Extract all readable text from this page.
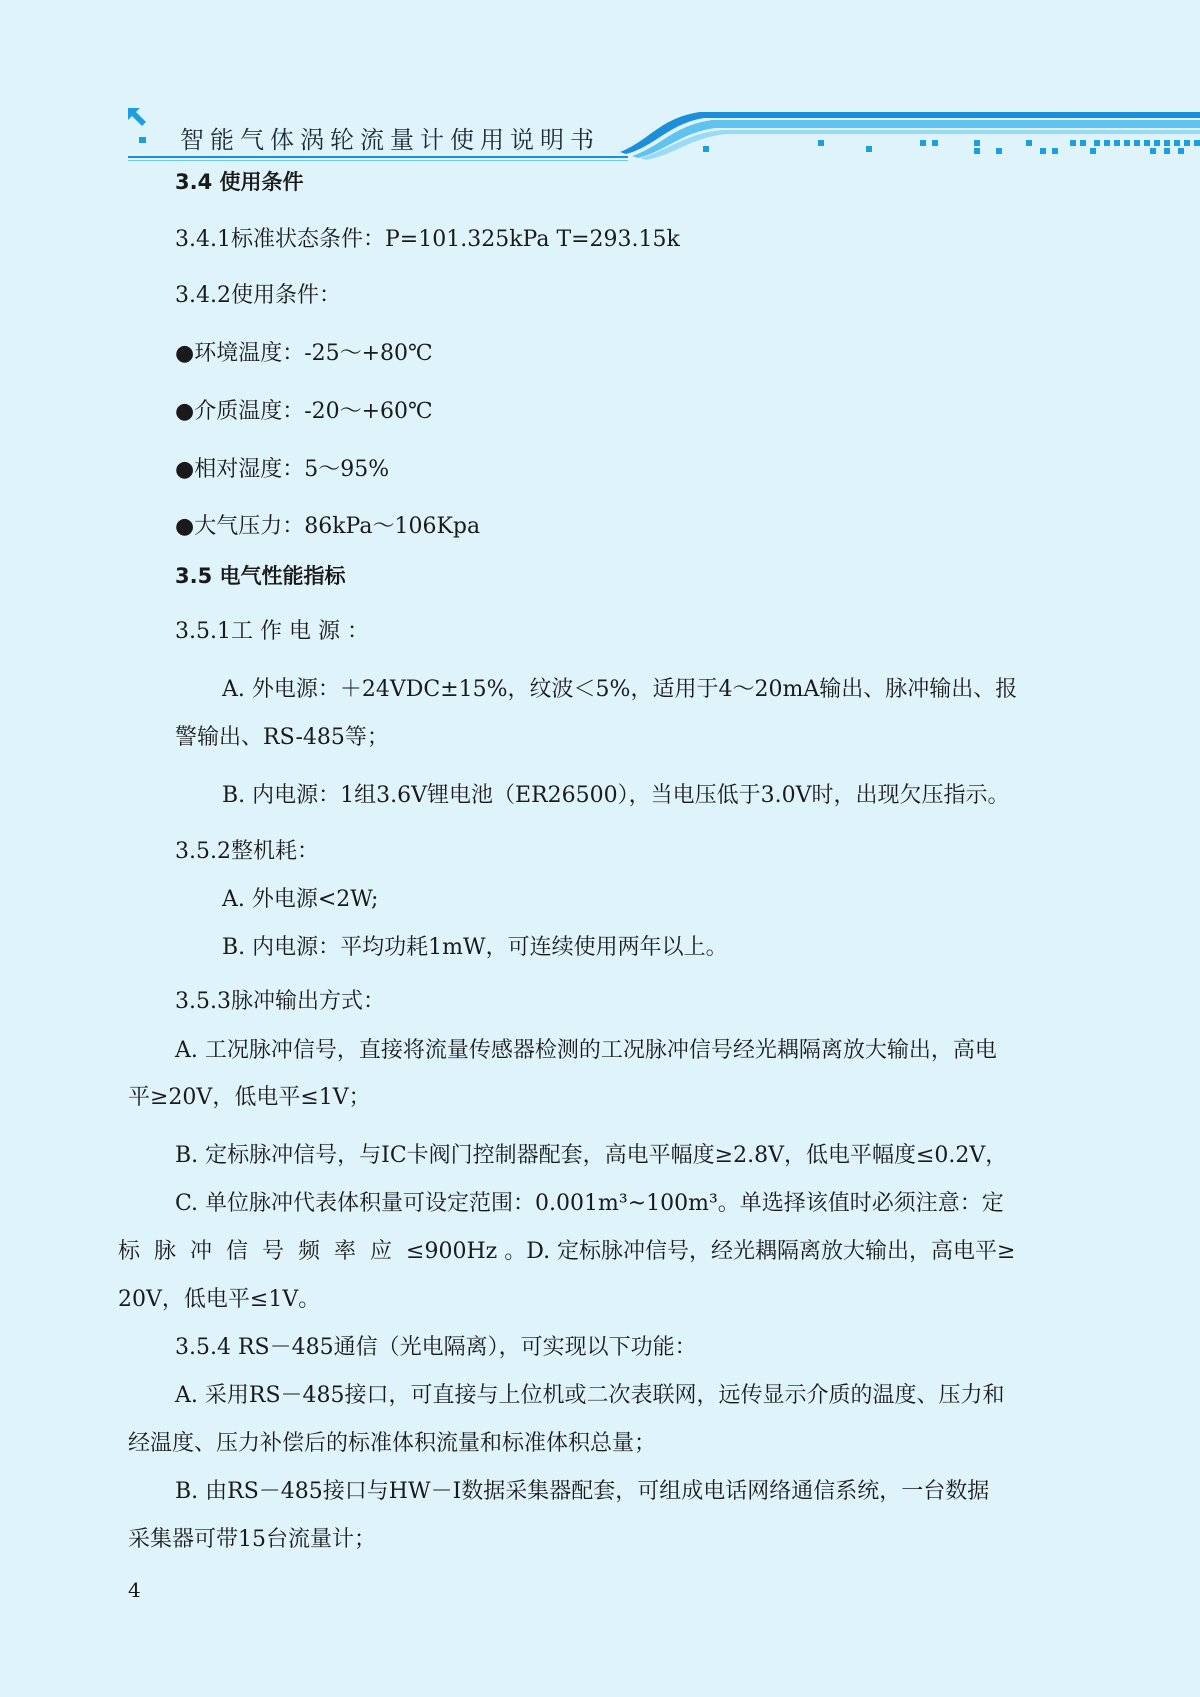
智能气体涡轮流量计使用说明书
3.4 使用条件
3.4.1标准状态条件：P=101.325kPa T=293.15k
3.4.2使用条件：
●环境温度：-25～+80℃
●介质温度：-20～+60℃
●相对湿度：5～95%
●大气压力：86kPa～106Kpa
3.5 电气性能指标
3.5.1工 作 电 源 ：
A. 外电源：＋24VDC±15%，纹波＜5%，适用于4～20mA输出、脉冲输出、报
警输出、RS-485等；
B. 内电源：1组3.6V锂电池（ER26500），当电压低于3.0V时，出现欠压指示。
3.5.2整机耗：
A. 外电源<2W;
B. 内电源：平均功耗1mW，可连续使用两年以上。
3.5.3脉冲输出方式：
A. 工况脉冲信号，直接将流量传感器检测的工况脉冲信号经光耦隔离放大输出，高电
平≥20V，低电平≤1V；
B. 定标脉冲信号，与IC卡阀门控制器配套，高电平幅度≥2.8V，低电平幅度≤0.2V，
C. 单位脉冲代表体积量可设定范围：0.001m³~100m³。单选择该值时必须注意：定
标脉冲信号频率应≤900Hz 。D. 定标脉冲信号，经光耦隔离放大输出，高电平≥
20V，低电平≤1V。
3.5.4 RS－485通信（光电隔离），可实现以下功能：
A. 采用RS－485接口，可直接与上位机或二次表联网，远传显示介质的温度、压力和
经温度、压力补偿后的标准体积流量和标准体积总量；
B. 由RS－485接口与HW－Ⅰ数据采集器配套，可组成电话网络通信系统，一台数据
采集器可带15台流量计；
4
